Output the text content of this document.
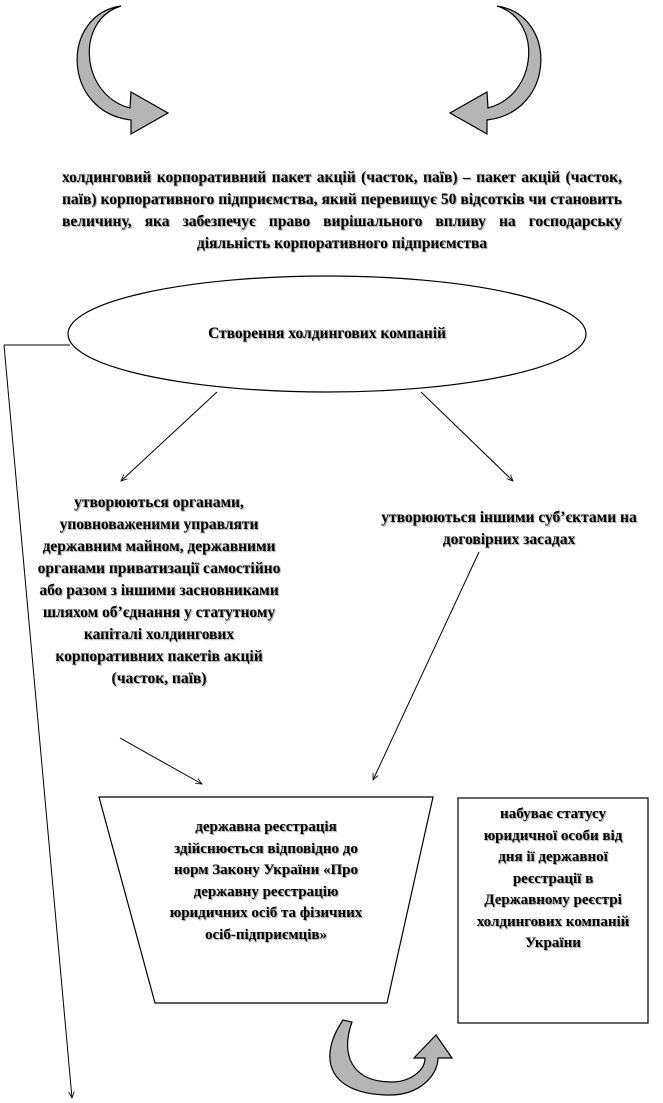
холдинговий корпоративний пакет акцій (часток, паїв) – пакет акцій (часток, паїв) корпоративного підприємства, який перевищує 50 відсотків чи становить величину, яка забезпечує право вирішального впливу на господарську діяльність корпоративного підприємства
Створення холдингових компаній
утворюються органами, уповноваженими управляти державним майном, державними органами приватизації самостійно або разом з іншими засновниками шляхом об’єднання у статутному капіталі холдингових корпоративних пакетів акцій (часток, паїв)
утворюються іншими суб’єктами на договірних засадах
державна реєстрація здійснюється відповідно до норм Закону України «Про державну реєстрацію юридичних осіб та фізичних осіб-підприємців»
набуває статусу юридичної особи від дня ії державної реєстрації в Державному реєстрі холдингових компаній України
